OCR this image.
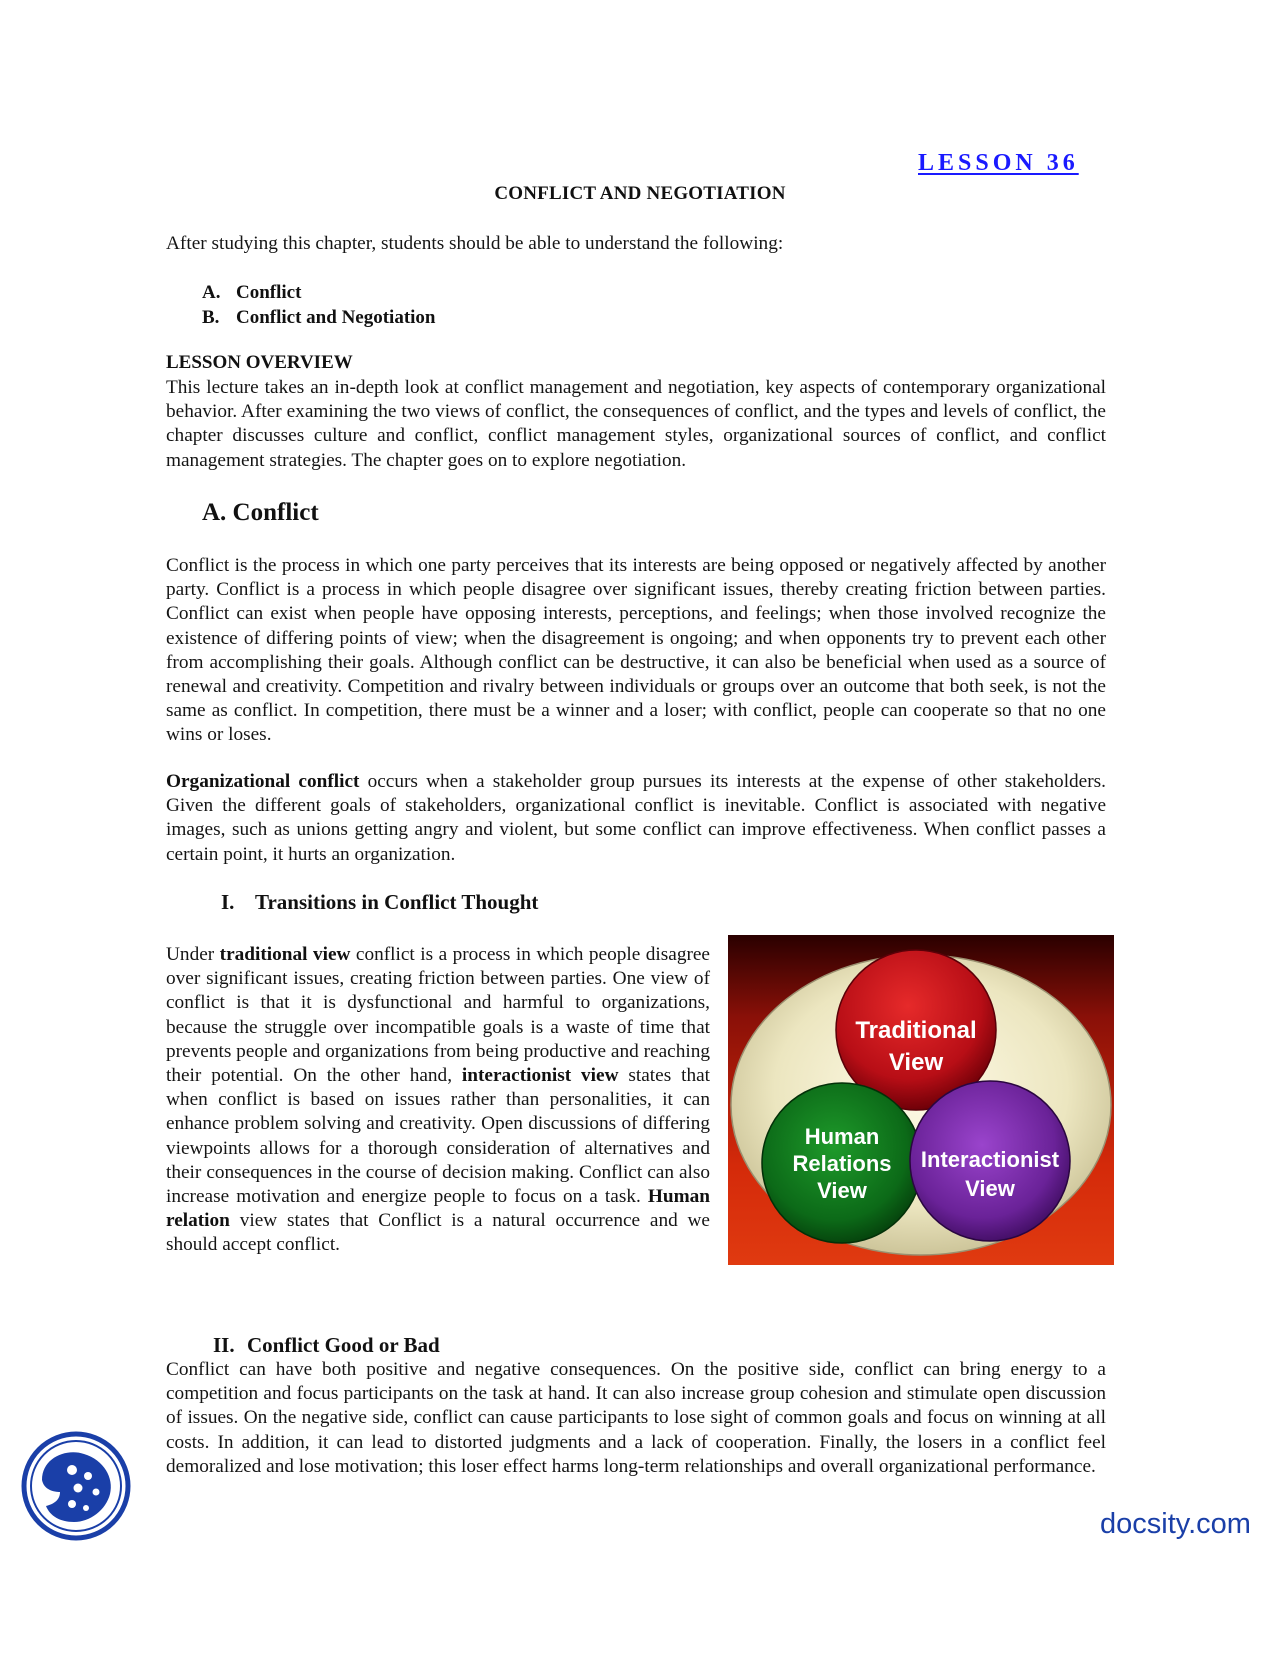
LESSON 36
CONFLICT AND NEGOTIATION
After studying this chapter, students should be able to understand the following:
A. Conflict
B. Conflict and Negotiation
LESSON OVERVIEW
This lecture takes an in-depth look at conflict management and negotiation, key aspects of contemporary organizational behavior. After examining the two views of conflict, the consequences of conflict, and the types and levels of conflict, the chapter discusses culture and conflict, conflict management styles, organizational sources of conflict, and conflict management strategies. The chapter goes on to explore negotiation.
A. Conflict
Conflict is the process in which one party perceives that its interests are being opposed or negatively affected by another party. Conflict is a process in which people disagree over significant issues, thereby creating friction between parties. Conflict can exist when people have opposing interests, perceptions, and feelings; when those involved recognize the existence of differing points of view; when the disagreement is ongoing; and when opponents try to prevent each other from accomplishing their goals. Although conflict can be destructive, it can also be beneficial when used as a source of renewal and creativity. Competition and rivalry between individuals or groups over an outcome that both seek, is not the same as conflict. In competition, there must be a winner and a loser; with conflict, people can cooperate so that no one wins or loses.
Organizational conflict occurs when a stakeholder group pursues its interests at the expense of other stakeholders. Given the different goals of stakeholders, organizational conflict is inevitable. Conflict is associated with negative images, such as unions getting angry and violent, but some conflict can improve effectiveness. When conflict passes a certain point, it hurts an organization.
I. Transitions in Conflict Thought
Under traditional view conflict is a process in which people disagree over significant issues, creating friction between parties. One view of conflict is that it is dysfunctional and harmful to organizations, because the struggle over incompatible goals is a waste of time that prevents people and organizations from being productive and reaching their potential. On the other hand, interactionist view states that when conflict is based on issues rather than personalities, it can enhance problem solving and creativity. Open discussions of differing viewpoints allows for a thorough consideration of alternatives and their consequences in the course of decision making. Conflict can also increase motivation and energize people to focus on a task. Human relation view states that Conflict is a natural occurrence and we should accept conflict.
Traditional
View
Human
Relations
View
Interactionist
View
II. Conflict Good or Bad
Conflict can have both positive and negative consequences. On the positive side, conflict can bring energy to a competition and focus participants on the task at hand. It can also increase group cohesion and stimulate open discussion of issues. On the negative side, conflict can cause participants to lose sight of common goals and focus on winning at all costs. In addition, it can lead to distorted judgments and a lack of cooperation. Finally, the losers in a conflict feel demoralized and lose motivation; this loser effect harms long-term relationships and overall organizational performance.
docsity.com
